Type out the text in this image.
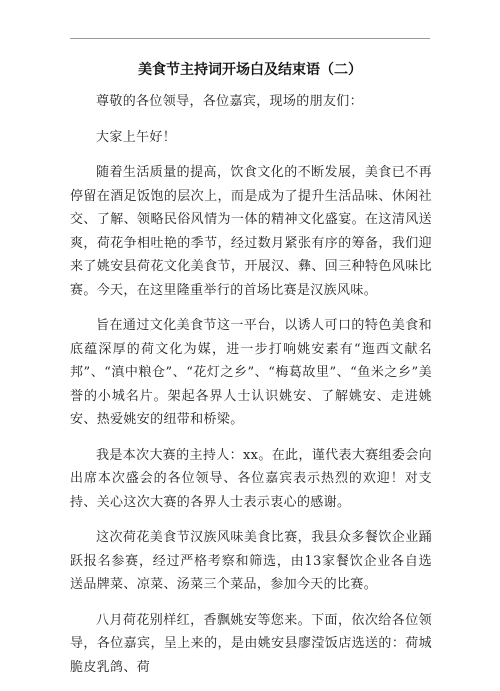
美食节主持词开场白及结束语（二）

尊敬的各位领导，各位嘉宾，现场的朋友们：

大家上午好！

随着生活质量的提高，饮食文化的不断发展，美食已不再停留在酒足饭饱的层次上，而是成为了提升生活品味、休闲社交、了解、领略民俗风情为一体的精神文化盛宴。在这清风送爽，荷花争相吐艳的季节，经过数月紧张有序的筹备，我们迎来了姚安县荷花文化美食节，开展汉、彝、回三种特色风味比赛。今天，在这里隆重举行的首场比赛是汉族风味。

旨在通过文化美食节这一平台，以诱人可口的特色美食和底蕴深厚的荷文化为媒，进一步打响姚安素有“迤西文献名邦”、“滇中粮仓”、“花灯之乡”、“梅葛故里”、“鱼米之乡”美誉的小城名片。架起各界人士认识姚安、了解姚安、走进姚安、热爱姚安的纽带和桥梁。

我是本次大赛的主持人：xx。在此，谨代表大赛组委会向出席本次盛会的各位领导、各位嘉宾表示热烈的欢迎！对支持、关心这次大赛的各界人士表示衷心的感谢。

这次荷花美食节汉族风味美食比赛，我县众多餐饮企业踊跃报名参赛，经过严格考察和筛选，由13家餐饮企业各自选送品牌菜、凉菜、汤菜三个菜品，参加今天的比赛。

八月荷花别样红，香飘姚安等您来。下面，依次给各位领导，各位嘉宾，呈上来的，是由姚安县廖滢饭店选送的：荷城脆皮乳鸽、荷
